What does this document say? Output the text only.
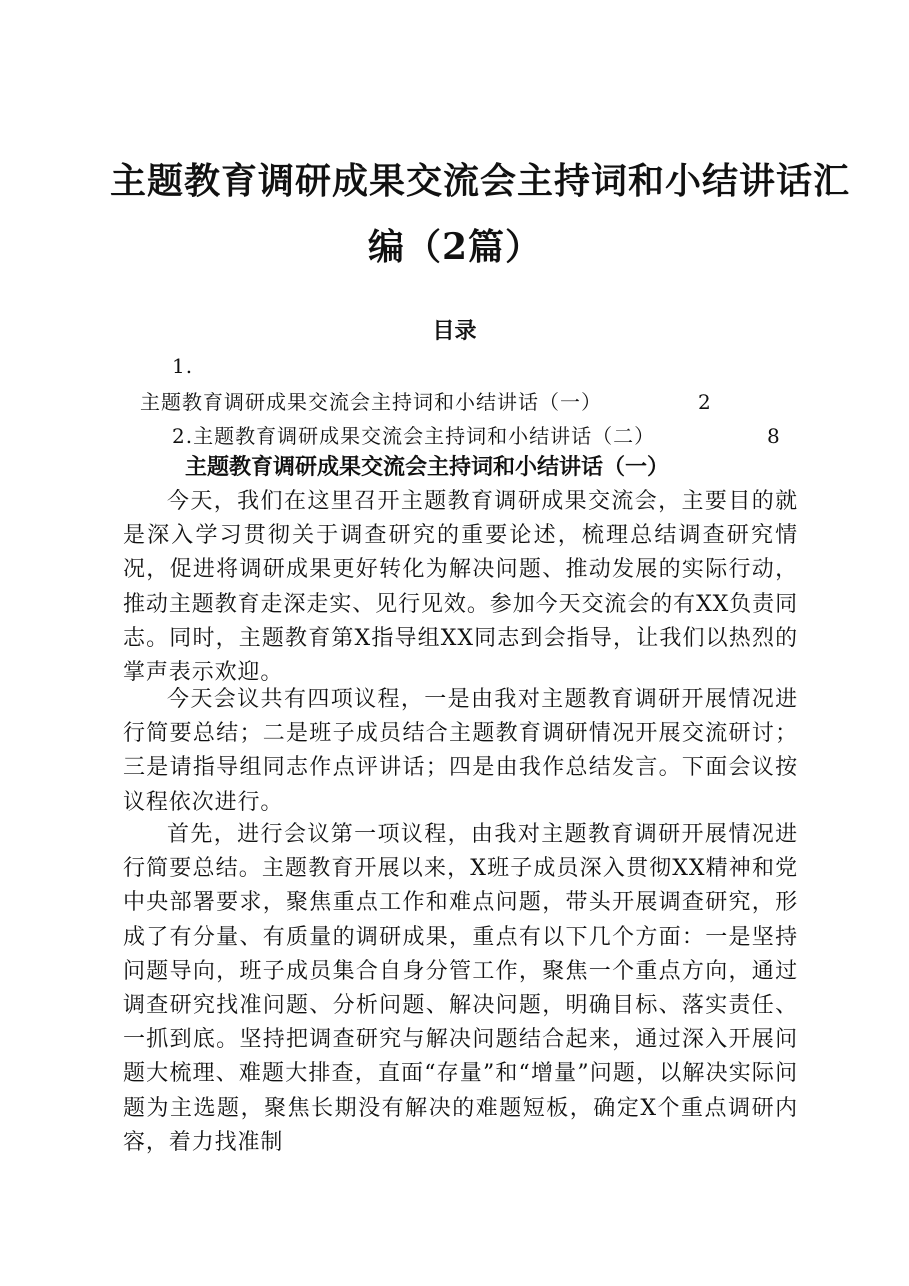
主题教育调研成果交流会主持词和小结讲话汇
编（2篇）
目录
1.
主题教育调研成果交流会主持词和小结讲话（一）	2
2.主题教育调研成果交流会主持词和小结讲话（二）	8
主题教育调研成果交流会主持词和小结讲话（一）

今天，我们在这里召开主题教育调研成果交流会，主要目的就是深入学习贯彻关于调查研究的重要论述，梳理总结调查研究情况，促进将调研成果更好转化为解决问题、推动发展的实际行动，推动主题教育走深走实、见行见效。参加今天交流会的有XX负责同志。同时，主题教育第X指导组XX同志到会指导，让我们以热烈的掌声表示欢迎。

今天会议共有四项议程，一是由我对主题教育调研开展情况进行简要总结；二是班子成员结合主题教育调研情况开展交流研讨；三是请指导组同志作点评讲话；四是由我作总结发言。下面会议按议程依次进行。

首先，进行会议第一项议程，由我对主题教育调研开展情况进行简要总结。主题教育开展以来，X班子成员深入贯彻XX精神和党中央部署要求，聚焦重点工作和难点问题，带头开展调查研究，形成了有分量、有质量的调研成果，重点有以下几个方面：一是坚持问题导向，班子成员集合自身分管工作，聚焦一个重点方向，通过调查研究找准问题、分析问题、解决问题，明确目标、落实责任、一抓到底。坚持把调查研究与解决问题结合起来，通过深入开展问题大梳理、难题大排查，直面“存量”和“增量”问题，以解决实际问题为主选题，聚焦长期没有解决的难题短板，确定X个重点调研内容，着力找准制
